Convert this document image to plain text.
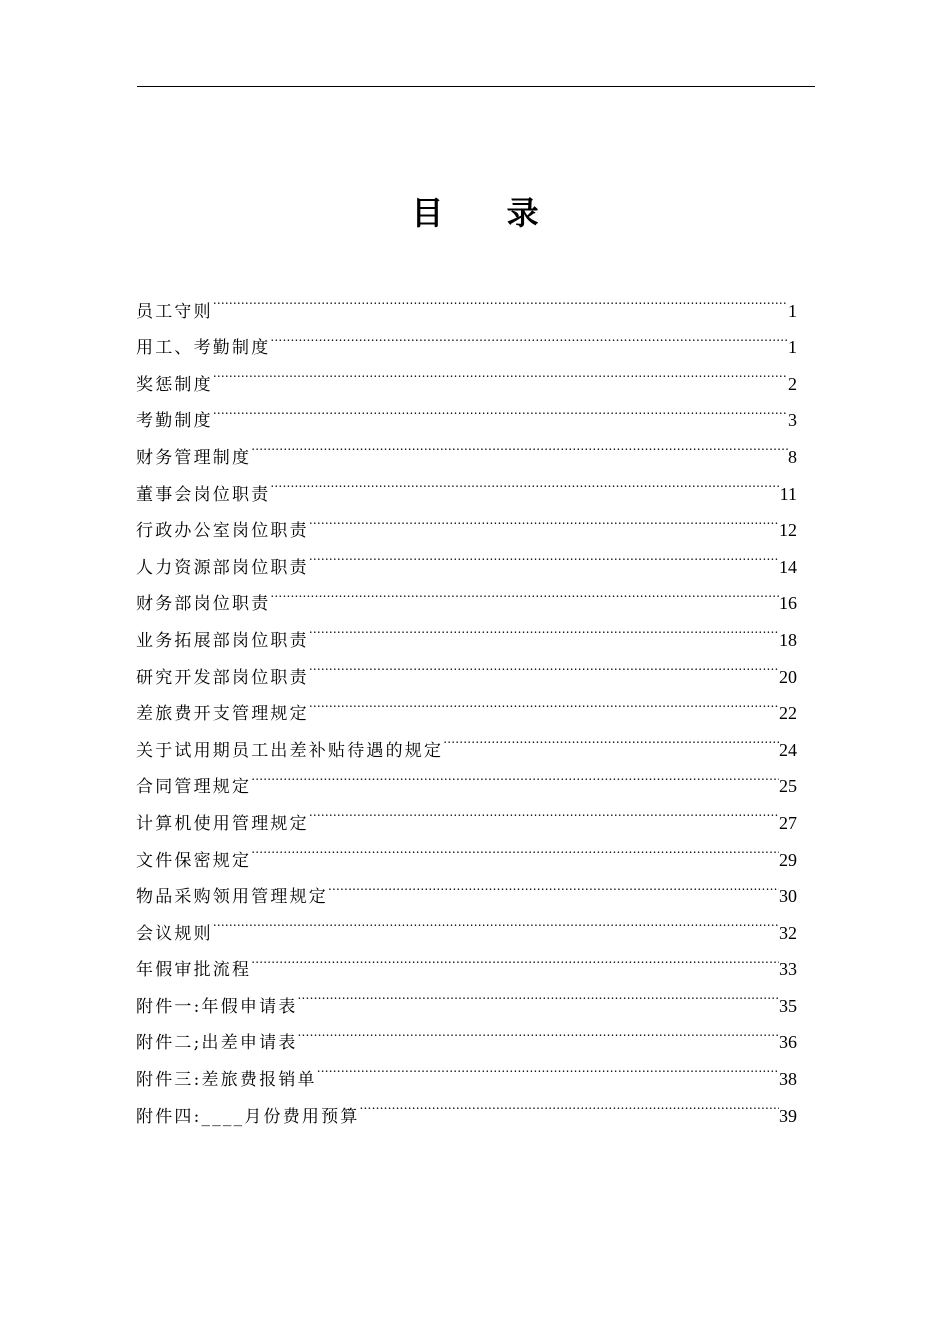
目 录
员工守则 .....	1
用工、考勤制度 .....	1
奖惩制度 .....	2
考勤制度 .....	3
财务管理制度 .....	8
董事会岗位职责 .....	11
行政办公室岗位职责 .....	12
人力资源部岗位职责 .....	14
财务部岗位职责 .....	16
业务拓展部岗位职责 .....	18
研究开发部岗位职责 .....	20
差旅费开支管理规定 .....	22
关于试用期员工出差补贴待遇的规定 .....	24
合同管理规定 .....	25
计算机使用管理规定 .....	27
文件保密规定 .....	29
物品采购领用管理规定 .....	30
会议规则 .....	32
年假审批流程 .....	33
附件一:年假申请表 .....	35
附件二;出差申请表 .....	36
附件三:差旅费报销单 .....	38
附件四:____月份费用预算 .....	39
